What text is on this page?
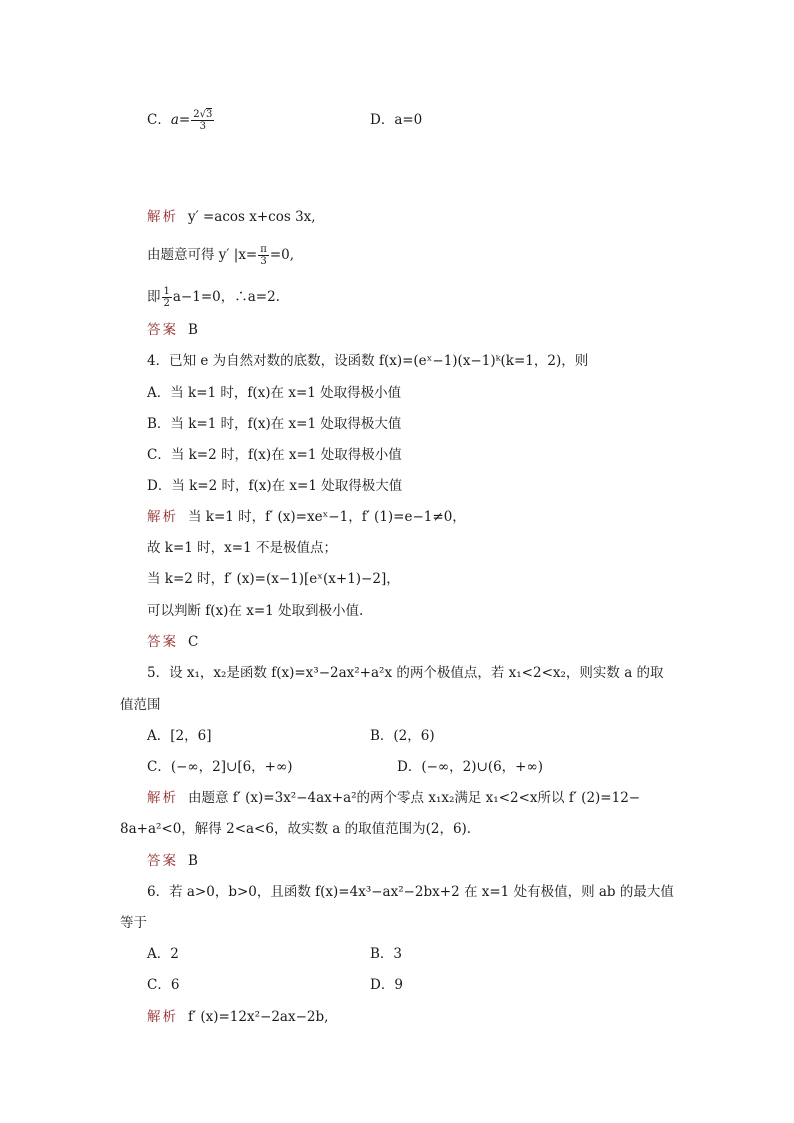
C．$a= \frac{2√3}{3}$	D．a=0
解析 y′ =acos x+cos 3x,
由题意可得 y′ $|x= \frac{\pi}{3} =0$,
即 $\frac{1}{2} a-1=0$，∴a=2.
答案 B
4．已知 e 为自然对数的底数，设函数 f(x)=(eˣ−1)(x−1)ᵏ(k=1，2)，则
A．当 k=1 时，f(x)在 x=1 处取得极小值
B．当 k=1 时，f(x)在 x=1 处取得极大值
C．当 k=2 时，f(x)在 x=1 处取得极小值
D．当 k=2 时，f(x)在 x=1 处取得极大值
解析 当 k=1 时，f′ (x)=xeˣ−1，f′ (1)=e−1≠0，
故 k=1 时，x=1 不是极值点；
当 k=2 时，f′ (x)=(x−1)[eˣ(x+1)−2]，
可以判断 f(x)在 x=1 处取到极小值.
答案 C
5．设 x₁，x₂是函数 f(x)=x³−2ax²+a²x 的两个极值点，若 x₁<2<x₂，则实数 a 的取
值范围
A．[2，6]	B．(2，6)
C．(−∞，2]∪[6，+∞)	D．(−∞，2)∪(6，+∞)
解析 由题意 f′ (x)=3x²−4ax+a²的两个零点 x₁x₂满足 x₁<2<x所以 f′ (2)=12−
8a+a²<0，解得 2<a<6，故实数 a 的取值范围为(2，6).
答案 B
6．若 a>0，b>0，且函数 f(x)=4x³−ax²−2bx+2 在 x=1 处有极值，则 ab 的最大值
等于
A．2	B．3
C．6	D．9
解析 f′ (x)=12x²−2ax−2b,
